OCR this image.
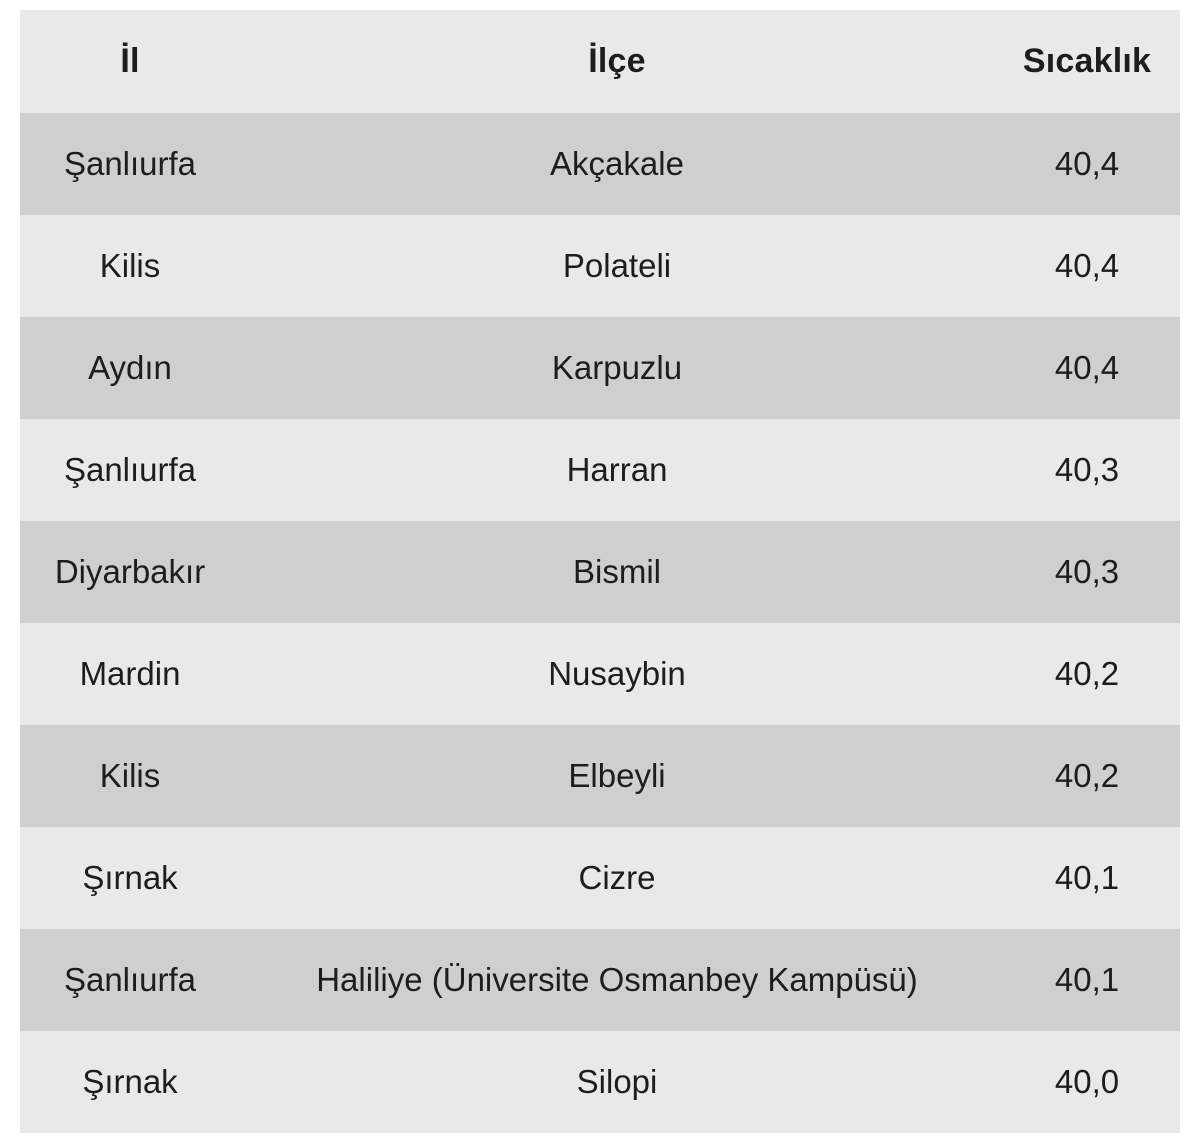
İl	İlçe	Sıcaklık
Şanlıurfa	Akçakale	40,4
Kilis	Polateli	40,4
Aydın	Karpuzlu	40,4
Şanlıurfa	Harran	40,3
Diyarbakır	Bismil	40,3
Mardin	Nusaybin	40,2
Kilis	Elbeyli	40,2
Şırnak	Cizre	40,1
Şanlıurfa	Haliliye (Üniversite Osmanbey Kampüsü)	40,1
Şırnak	Silopi	40,0
